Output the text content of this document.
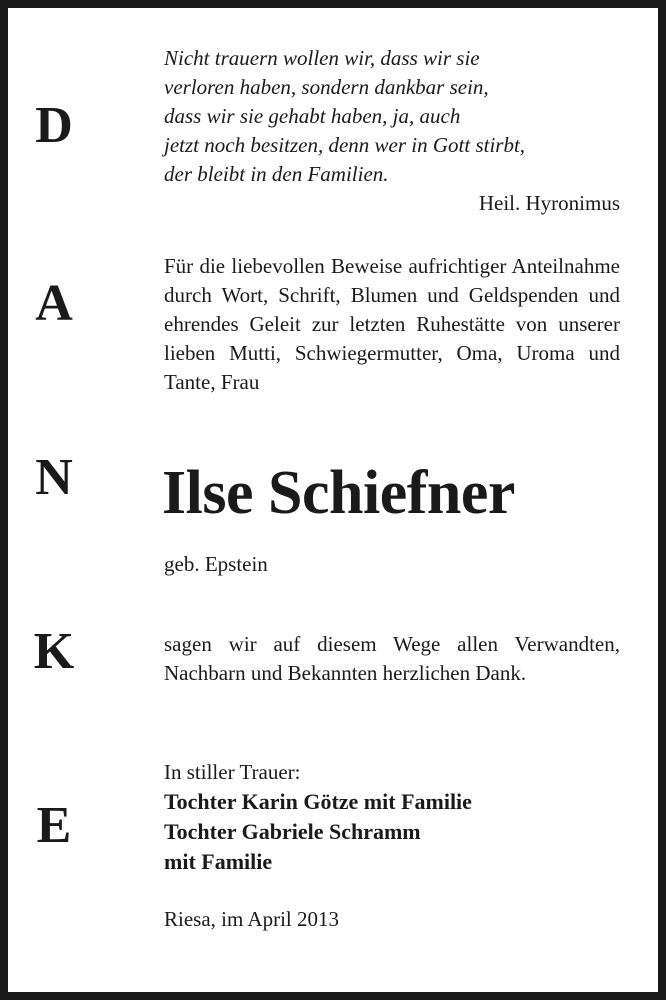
D
A
N
K
E
Nicht trauern wollen wir, dass wir sie
verloren haben, sondern dankbar sein,
dass wir sie gehabt haben, ja, auch
jetzt noch besitzen, denn wer in Gott stirbt,
der bleibt in den Familien.
Heil. Hyronimus
Für die liebevollen Beweise aufrichtiger Anteilnahme durch Wort, Schrift, Blumen und Geldspenden und ehrendes Geleit zur letzten Ruhestätte von unserer lieben Mutti, Schwiegermutter, Oma, Uroma und Tante, Frau
Ilse Schiefner
geb. Epstein
sagen wir auf diesem Wege allen Verwandten, Nachbarn und Bekannten herzlichen Dank.
In stiller Trauer:
Tochter Karin Götze mit Familie
Tochter Gabriele Schramm
mit Familie
Riesa, im April 2013
